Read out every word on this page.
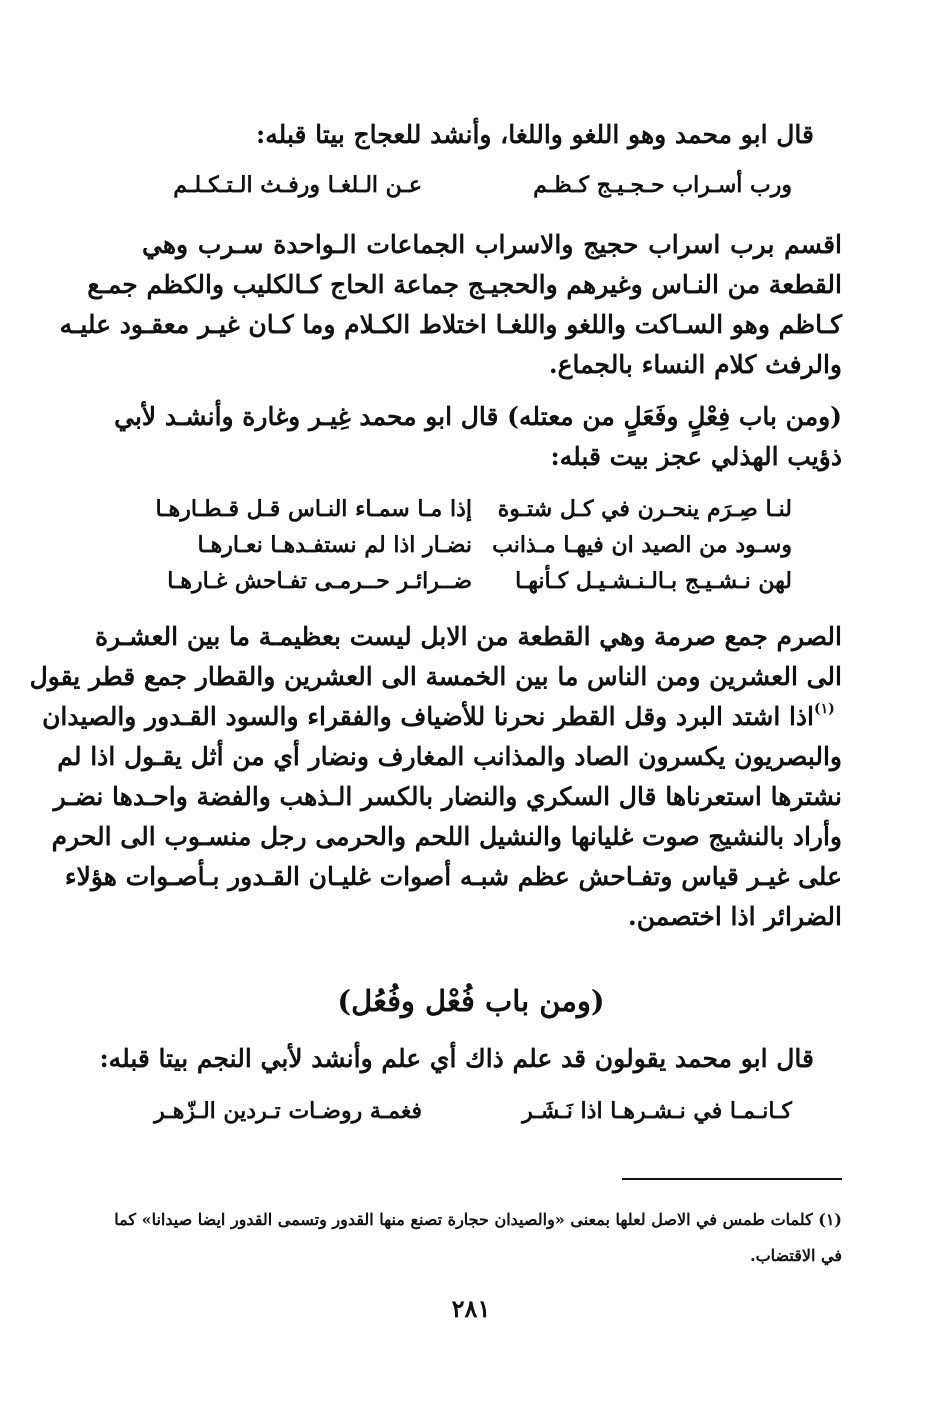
قال ابو محمد وهو اللغو واللغا، وأنشد للعجاج بيتا قبله:
ورب أسـراب حـجـيـج كـظـم
عـن الـلغـا ورفـث الـتـكـلـم
اقسم برب اسراب حجيج والاسراب الجماعات الـواحدة سـرب وهي
القطعة من النـاس وغيرهم والحجيـج جماعة الحاج كـالكليب والكظم جمـع
كـاظم وهو السـاكت واللغو واللغـا اختلاط الكـلام وما كـان غيـر معقـود عليـه
والرفث كلام النساء بالجماع.
(ومن باب فِعْلٍ وفَعَلٍ من معتله) قال ابو محمد غِيـر وغارة وأنشـد لأبي
ذؤيب الهذلي عجز بيت قبله:
لنـا صِـرَم ينحـرن في كـل شتـوة
إذا مـا سمـاء النـاس قـل قـطـارهـا
وسـود من الصيد ان فيهـا مـذانب
نضـار اذا لم نستفـدهـا نعـارهـا
لهن نـشـيـج بـالـنـشـيـل كـأنهـا
ضــرائـر حــرمـى تفـاحش غـارهـا
الصرم جمع صرمة وهي القطعة من الابل ليست بعظيمـة ما بين العشـرة
الى العشرين ومن الناس ما بين الخمسة الى العشرين والقطار جمع قطر يقول
اذا اشتد البرد وقل القطر نحرنا للأضياف والفقراء والسود القـدور والصيدان $^{(١)}$
والبصريون يكسرون الصاد والمذانب المغارف ونضار أي من أثل يقـول اذا لم
نشترها استعرناها قال السكري والنضار بالكسر الـذهب والفضة واحـدها نضـر
وأراد بالنشيج صوت غليانها والنشيل اللحم والحرمى رجل منسـوب الى الحرم
على غيـر قياس وتفـاحش عظم شبـه أصوات غليـان القـدور بـأصـوات هؤلاء
الضرائر اذا اختصمن.
(ومن باب فُعْل وفُعُل)
قال ابو محمد يقولون قد علم ذاك أي علم وأنشد لأبي النجم بيتا قبله:
كـانـمـا في نـشـرهـا اذا نَـشَـر
فغمـة روضـات تـردين الـزّهـر
(١) كلمات طمس في الاصل لعلها بمعنى «والصيدان حجارة تصنع منها القدور وتسمى القدور ايضا صيدانا» كما
في الاقتضاب.
٢٨١
